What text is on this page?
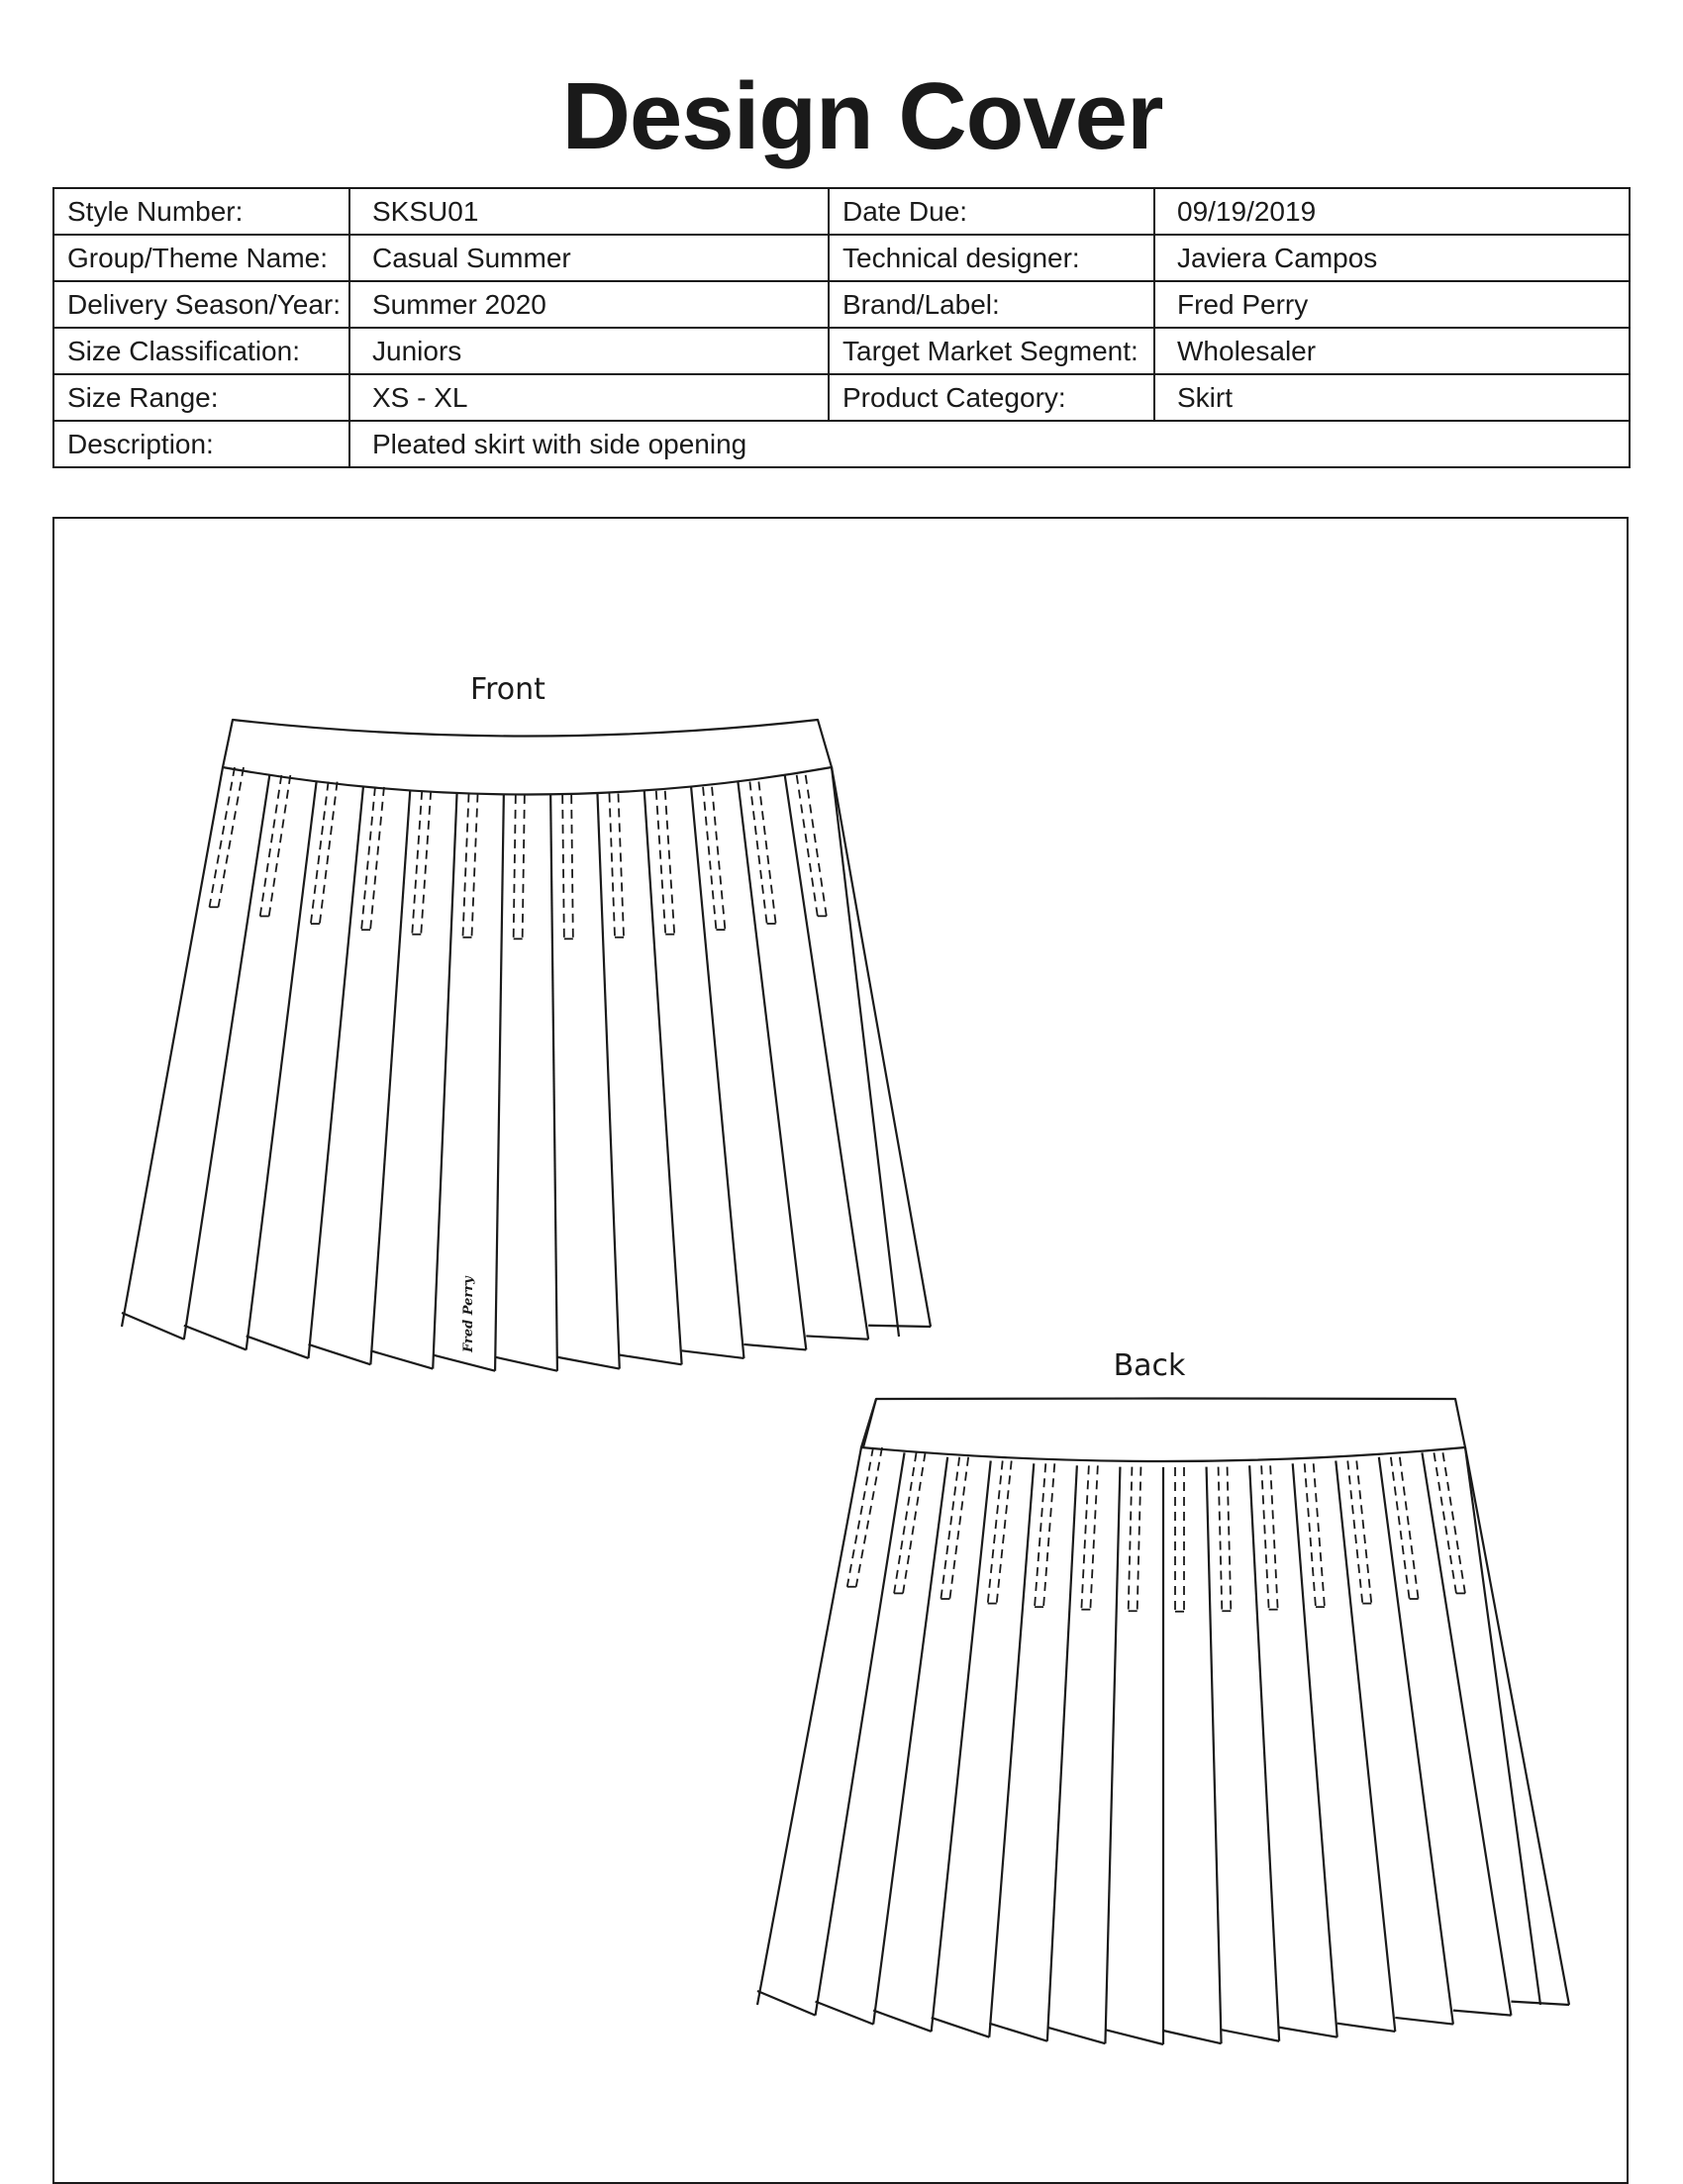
Design Cover
Style Number:	SKSU01	Date Due:	09/19/2019
Group/Theme Name:	Casual Summer	Technical designer:	Javiera Campos
Delivery Season/Year:	Summer 2020	Brand/Label:	Fred Perry
Size Classification:	Juniors	Target Market Segment:	Wholesaler
Size Range:	XS - XL	Product Category:	Skirt
Description:	Pleated skirt with side opening		
Front
Fred Perry
Back
